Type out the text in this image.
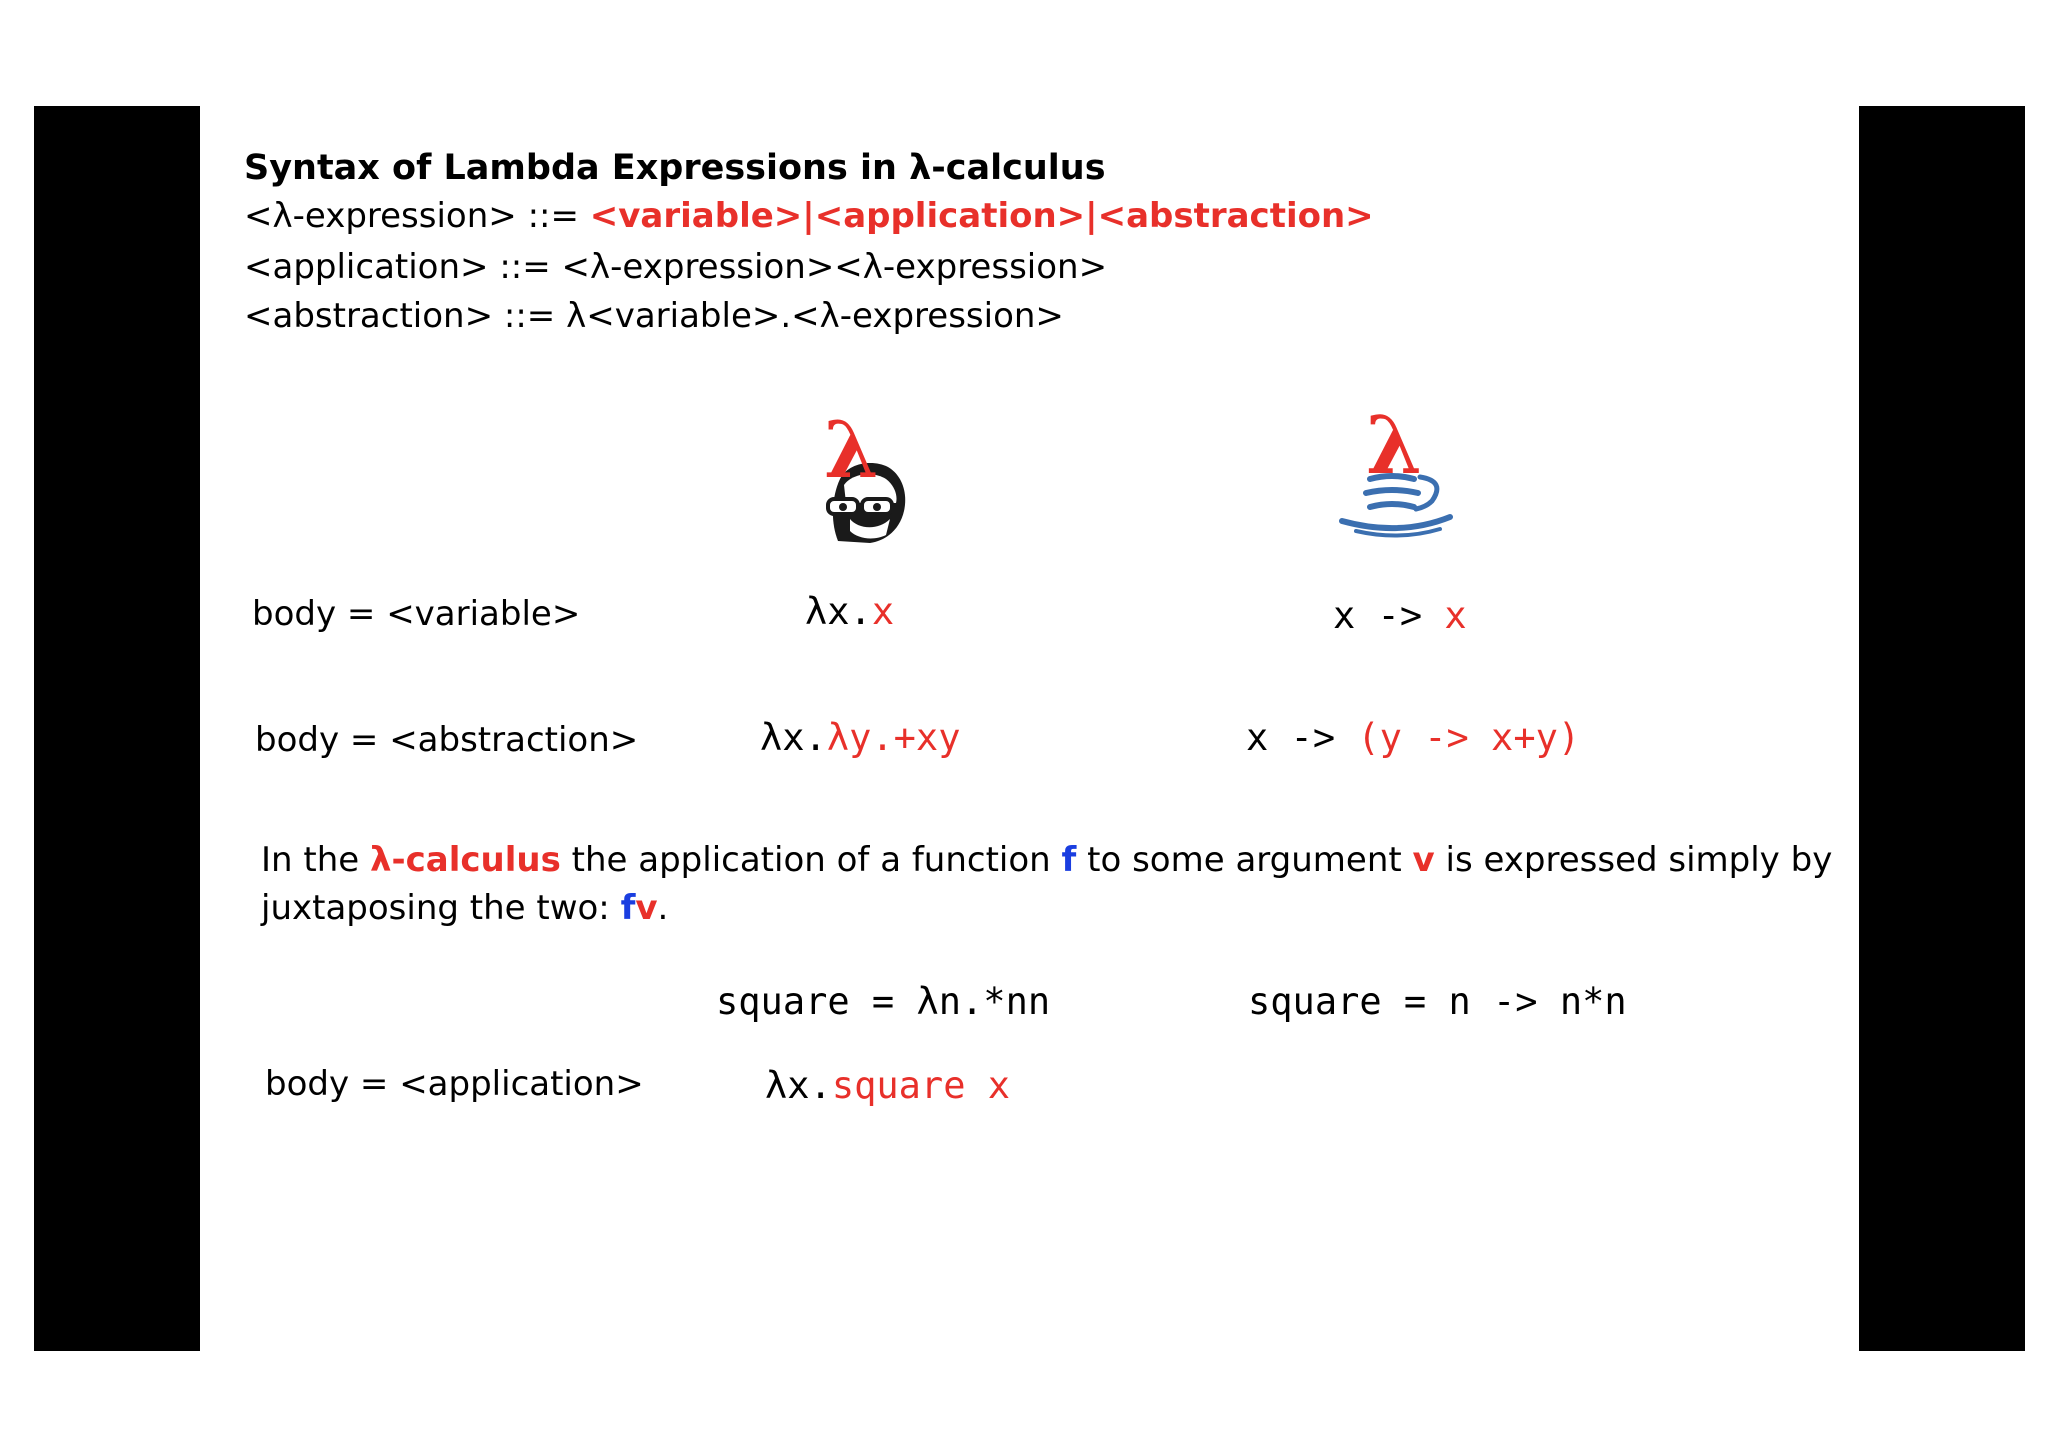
Syntax of Lambda Expressions in λ-calculus
<λ-expression> ::= <variable>|<application>|<abstraction>
<application> ::= <λ-expression><λ-expression>
<abstraction> ::= λ<variable>.<λ-expression>
λ	λ
body = <variable>	λx.x	x -> x
body = <abstraction>	λx.λy.+xy	x -> (y -> x+y)
In the λ-calculus the application of a function f to some argument v is expressed simply by
juxtaposing the two: fv.
square = λn.*nn	square = n -> n*n
body = <application>	λx.square x
